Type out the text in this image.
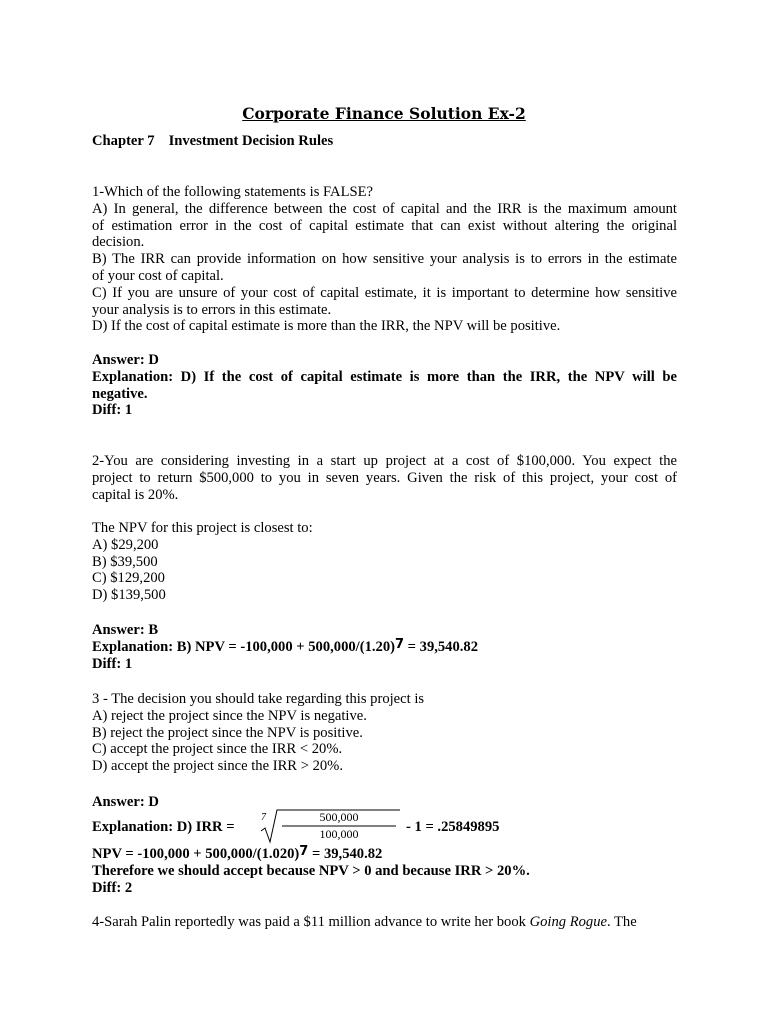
Corporate Finance Solution Ex-2
Chapter 7 Investment Decision Rules
1-Which of the following statements is FALSE?
A) In general, the difference between the cost of capital and the IRR is the maximum amount
of estimation error in the cost of capital estimate that can exist without altering the original
decision.
B) The IRR can provide information on how sensitive your analysis is to errors in the estimate
of your cost of capital.
C) If you are unsure of your cost of capital estimate, it is important to determine how sensitive
your analysis is to errors in this estimate.
D) If the cost of capital estimate is more than the IRR, the NPV will be positive.
Answer: D
Explanation: D) If the cost of capital estimate is more than the IRR, the NPV will be
negative.
Diff: 1
2-You are considering investing in a start up project at a cost of $100,000. You expect the
project to return $500,000 to you in seven years. Given the risk of this project, your cost of
capital is 20%.
The NPV for this project is closest to:
A) $29,200
B) $39,500
C) $129,200
D) $139,500
Answer: B
Explanation: B) NPV = $-100,000 + 500,000/(1.20)^7 = 39,540.82$
Diff: 1
3 - The decision you should take regarding this project is
A) reject the project since the NPV is negative.
B) reject the project since the NPV is positive.
C) accept the project since the IRR < 20%.
D) accept the project since the IRR > 20%.
Answer: D
Explanation: D) IRR =
7	500,000
100,000	- 1 = .25849895
NPV = $-100,000 + 500,000/(1.020)^7 = 39,540.82$
Therefore we should accept because NPV > 0 and because IRR > 20%.
Diff: 2
4-Sarah Palin reportedly was paid a $11 million advance to write her book Going Rogue. The
